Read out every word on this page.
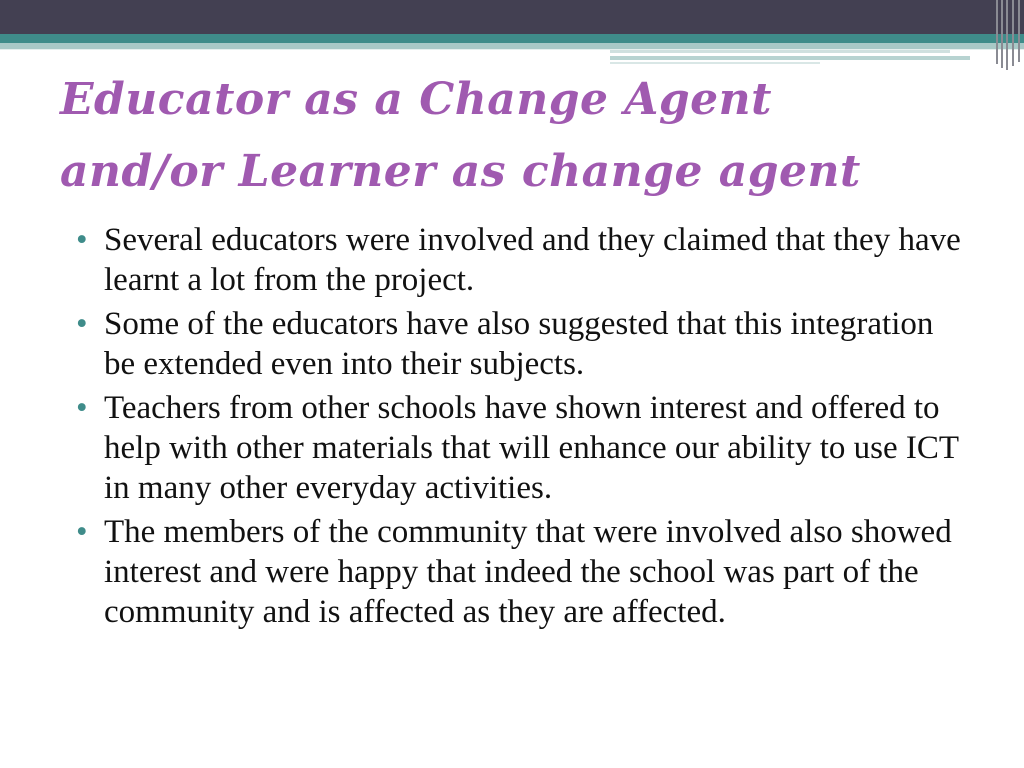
Educator as a Change Agent
and/or Learner as change agent
• Several educators were involved and they claimed that they have learnt a lot from the project.
• Some of the educators have also suggested that this integration be extended even into their subjects.
• Teachers from other schools have shown interest and offered to help with other materials that will enhance our ability to use ICT in many other everyday activities.
• The members of the community that were involved also showed interest and were happy that indeed the school was part of the community and is affected as they are affected.
